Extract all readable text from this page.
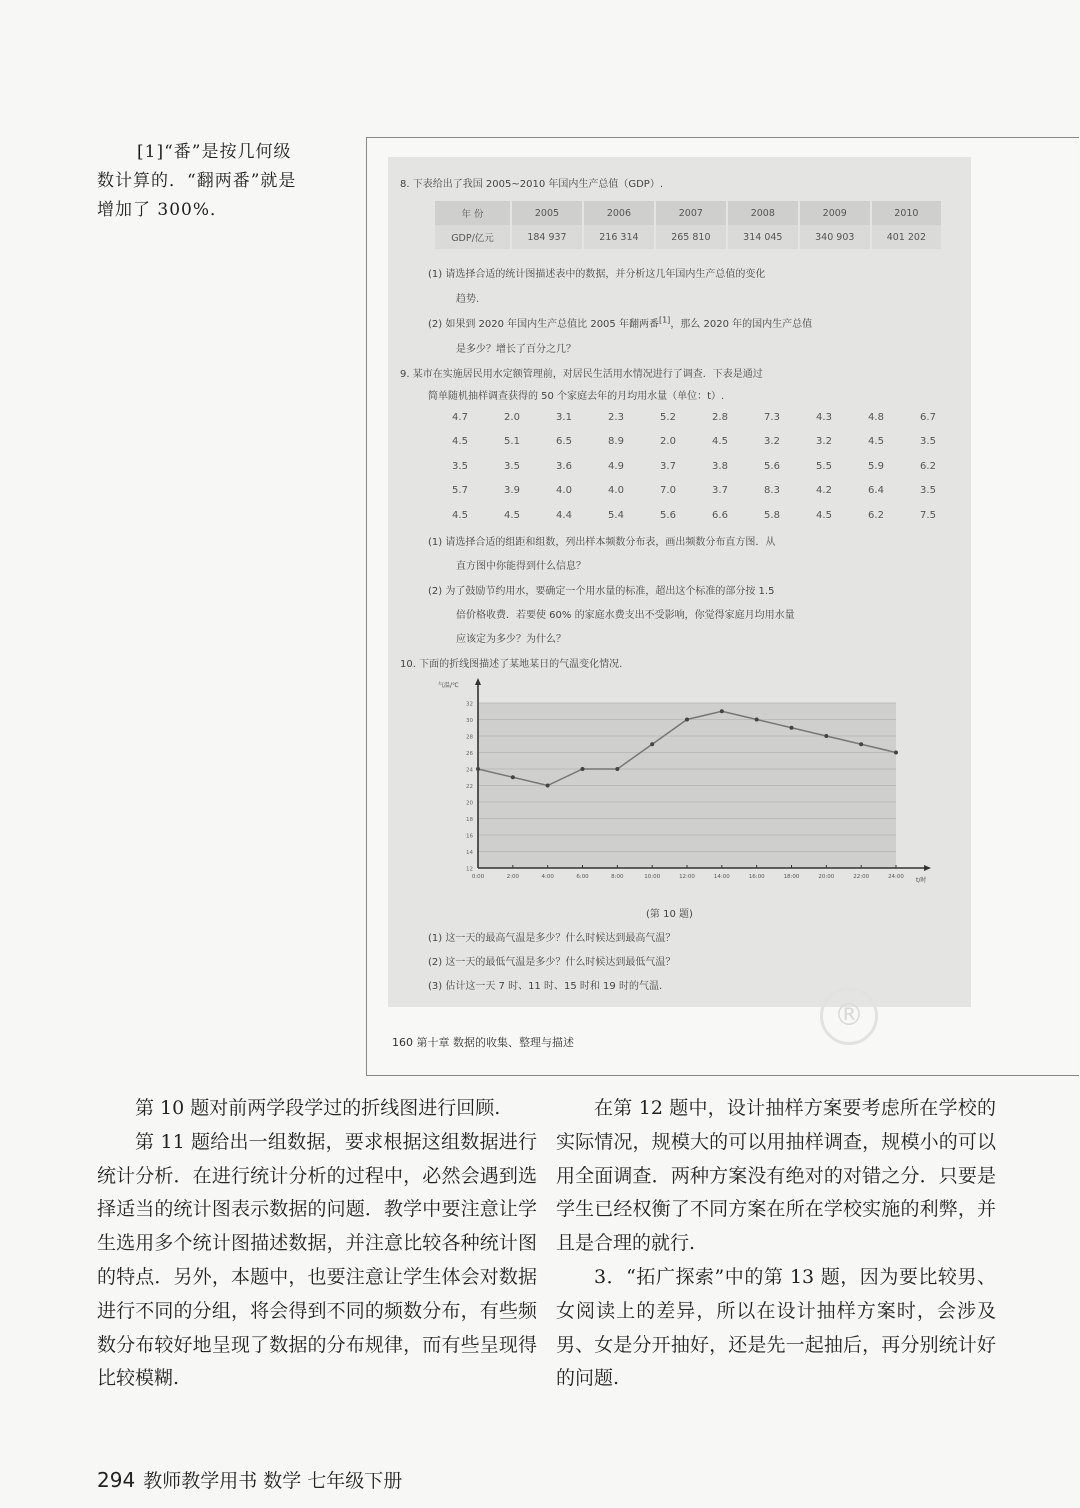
[1]“番”是按几何级
数计算的．“翻两番”就是
增加了 300%．
8. 下表给出了我国 2005~2010 年国内生产总值（GDP）.
年 份	2005	2006	2007	2008	2009	2010
GDP/亿元	184 937	216 314	265 810	314 045	340 903	401 202
(1) 请选择合适的统计图描述表中的数据，并分析这几年国内生产总值的变化
趋势.
(2) 如果到 2020 年国内生产总值比 2005 年翻两番[1]，那么 2020 年的国内生产总值
是多少？增长了百分之几？
9. 某市在实施居民用水定额管理前，对居民生活用水情况进行了调查．下表是通过
简单随机抽样调查获得的 50 个家庭去年的月均用水量（单位：t）.
4.7	2.0	3.1	2.3	5.2	2.8	7.3	4.3	4.8	6.7
4.5	5.1	6.5	8.9	2.0	4.5	3.2	3.2	4.5	3.5
3.5	3.5	3.6	4.9	3.7	3.8	5.6	5.5	5.9	6.2
5.7	3.9	4.0	4.0	7.0	3.7	8.3	4.2	6.4	3.5
4.5	4.5	4.4	5.4	5.6	6.6	5.8	4.5	6.2	7.5
(1) 请选择合适的组距和组数，列出样本频数分布表，画出频数分布直方图．从
直方图中你能得到什么信息？
(2) 为了鼓励节约用水，要确定一个用水量的标准，超出这个标准的部分按 1.5
倍价格收费．若要使 60% 的家庭水费支出不受影响，你觉得家庭月均用水量
应该定为多少？为什么？
10. 下面的折线图描述了某地某日的气温变化情况.
12
14
16
18
20
22
24
26
28
30
32
气温/℃
t/时
0:00	2:00	4:00	6:00	8:00	10:00	12:00	14:00	16:00	18:00	20:00	22:00	24:00
(第 10 题)
(1) 这一天的最高气温是多少？什么时候达到最高气温？
(2) 这一天的最低气温是多少？什么时候达到最低气温？
(3) 估计这一天 7 时、11 时、15 时和 19 时的气温.
160 第十章 数据的收集、整理与描述
®

第 10 题对前两学段学过的折线图进行回顾.

第 11 题给出一组数据，要求根据这组数据进行统计分析．在进行统计分析的过程中，必然会遇到选择适当的统计图表示数据的问题．教学中要注意让学生选用多个统计图描述数据，并注意比较各种统计图的特点．另外，本题中，也要注意让学生体会对数据进行不同的分组，将会得到不同的频数分布，有些频数分布较好地呈现了数据的分布规律，而有些呈现得比较模糊.

在第 12 题中，设计抽样方案要考虑所在学校的实际情况，规模大的可以用抽样调查，规模小的可以用全面调查．两种方案没有绝对的对错之分．只要是学生已经权衡了不同方案在所在学校实施的利弊，并且是合理的就行.

3．“拓广探索”中的第 13 题，因为要比较男、女阅读上的差异，所以在设计抽样方案时，会涉及男、女是分开抽好，还是先一起抽后，再分别统计好的问题.

294 教师教学用书 数学 七年级下册
